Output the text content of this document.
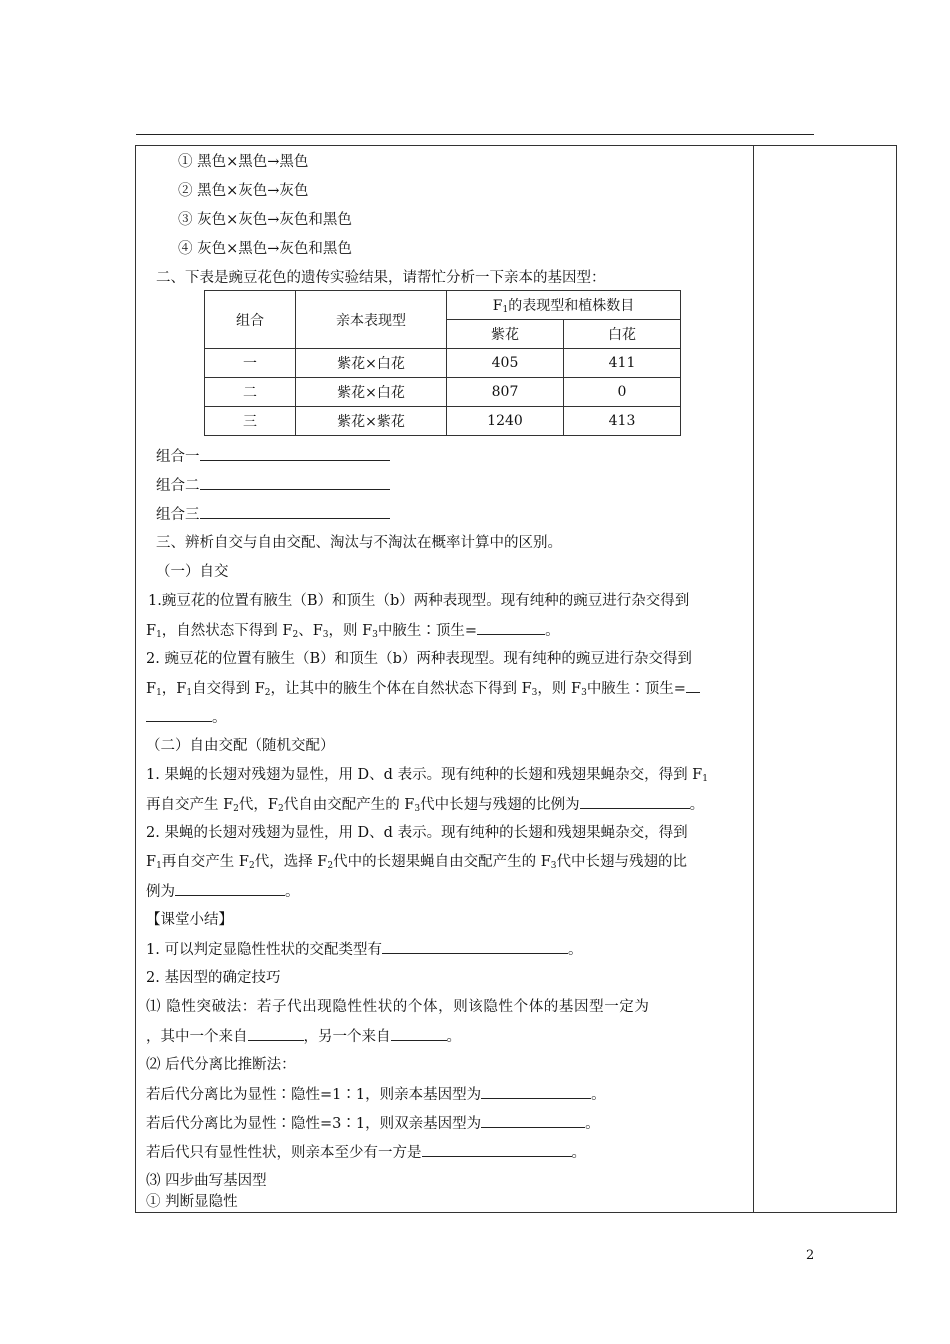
① 黑色×黑色→黑色
② 黑色×灰色→灰色
③ 灰色×灰色→灰色和黑色
④ 灰色×黑色→灰色和黑色
二、下表是豌豆花色的遗传实验结果，请帮忙分析一下亲本的基因型：
组合	亲本表现型	$F_1$的表现型和植株数目	
		紫花	白花
一	紫花×白花	405	411
二	紫花×白花	807	0
三	紫花×紫花	1240	413
组合一
组合二
组合三
三、辨析自交与自由交配、淘汰与不淘汰在概率计算中的区别。
（一）自交
1.豌豆花的位置有腋生（B）和顶生（b）两种表现型。现有纯种的豌豆进行杂交得到
$F_1$，自然状态下得到 $F_2$、$F_3$，则 $F_3$中腋生∶顶生=	。
2. 豌豆花的位置有腋生（B）和顶生（b）两种表现型。现有纯种的豌豆进行杂交得到
$F_1$，$F_1$自交得到 $F_2$，让其中的腋生个体在自然状态下得到 $F_3$，则 $F_3$中腋生∶顶生=
。
（二）自由交配（随机交配）
1. 果蝇的长翅对残翅为显性，用 D、d 表示。现有纯种的长翅和残翅果蝇杂交，得到 $F_1$
再自交产生 $F_2$代，$F_2$代自由交配产生的 $F_3$代中长翅与残翅的比例为	。
2. 果蝇的长翅对残翅为显性，用 D、d 表示。现有纯种的长翅和残翅果蝇杂交，得到
$F_1$再自交产生 $F_2$代，选择 $F_2$代中的长翅果蝇自由交配产生的 $F_3$代中长翅与残翅的比
例为	。
【课堂小结】
1. 可以判定显隐性性状的交配类型有	。
2. 基因型的确定技巧
⑴ 隐性突破法：若子代出现隐性性状的个体，则该隐性个体的基因型一定为
，其中一个来自	，另一个来自	。
⑵ 后代分离比推断法：
若后代分离比为显性∶隐性=1∶1，则亲本基因型为	。
若后代分离比为显性∶隐性=3∶1，则双亲基因型为	。
若后代只有显性性状，则亲本至少有一方是	。
⑶ 四步曲写基因型
① 判断显隐性
2
